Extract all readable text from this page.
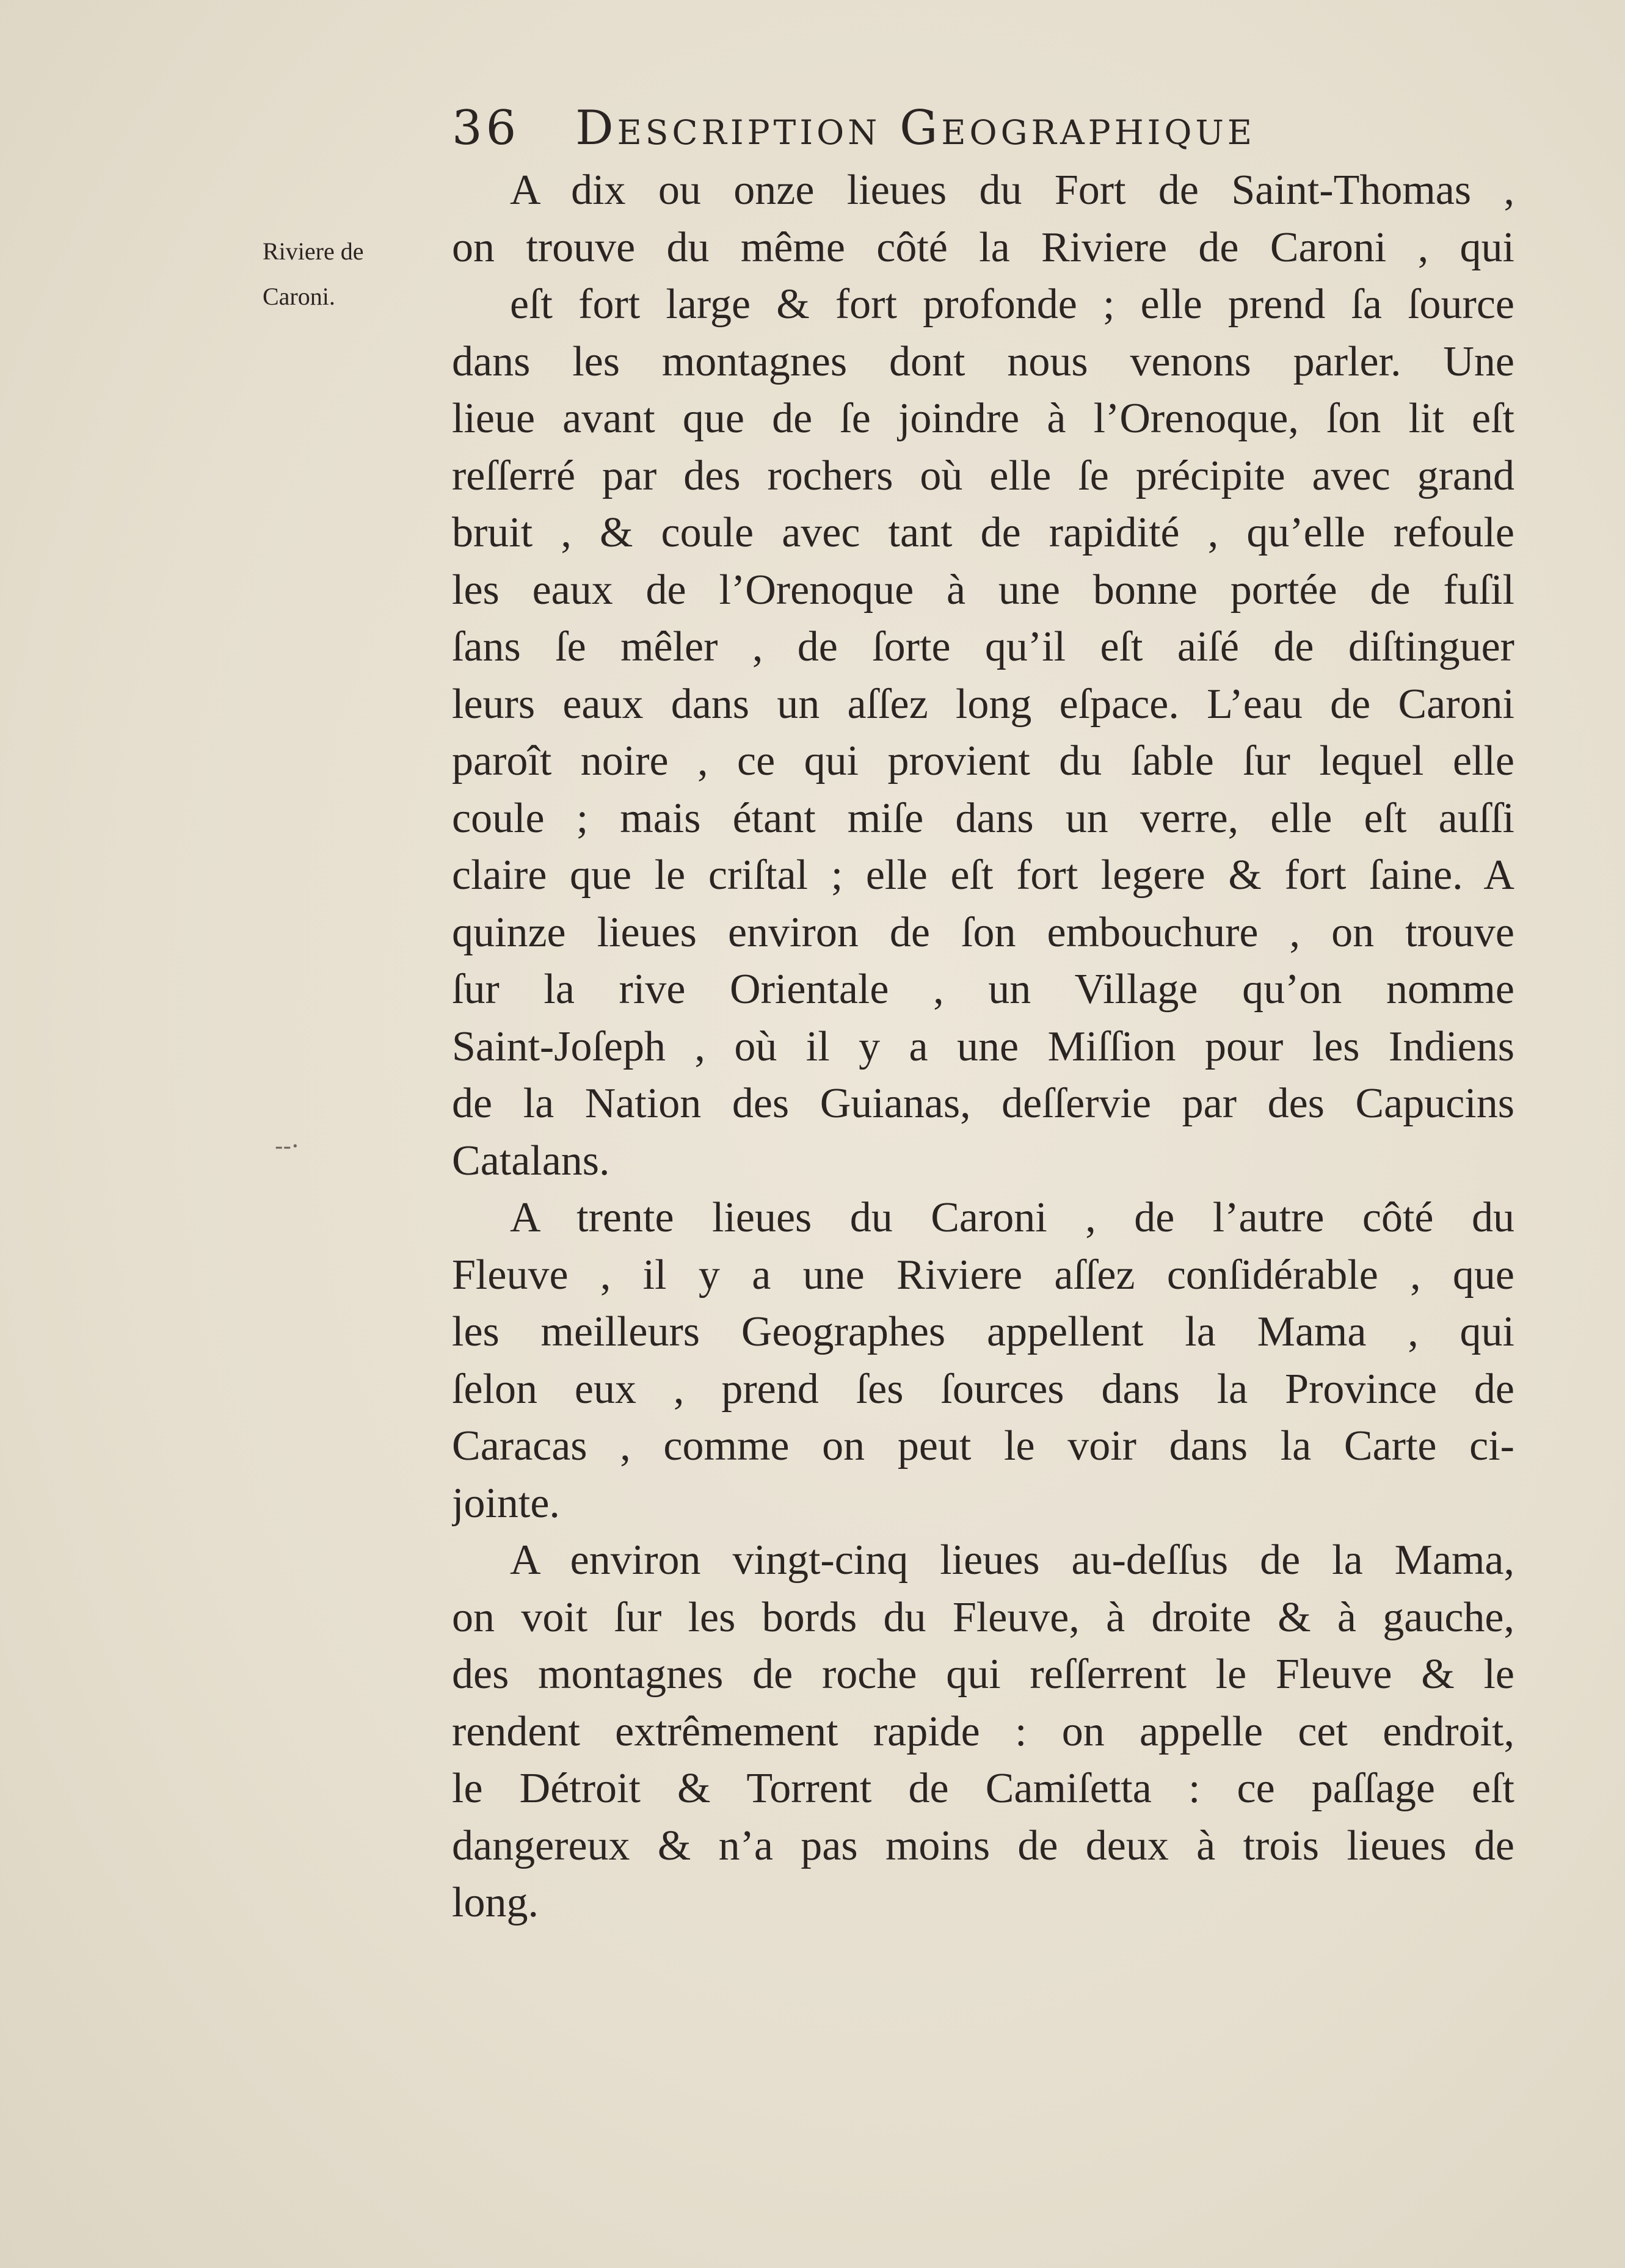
36 Description Geographique
Riviere de
Caroni.
--·
A dix ou onze lieues du Fort de Saint-Thomas ,
on trouve du même côté la Riviere de Caroni , qui
eſt fort large & fort profonde ; elle prend ſa ſource
dans les montagnes dont nous venons parler. Une
lieue avant que de ſe joindre à l’Orenoque, ſon lit eſt
reſſerré par des rochers où elle ſe précipite avec grand
bruit , & coule avec tant de rapidité , qu’elle refoule
les eaux de l’Orenoque à une bonne portée de fuſil
ſans ſe mêler , de ſorte qu’il eſt aiſé de diſtinguer
leurs eaux dans un aſſez long eſpace. L’eau de Caroni
paroît noire , ce qui provient du ſable ſur lequel elle
coule ; mais étant miſe dans un verre, elle eſt auſſi
claire que le criſtal ; elle eſt fort legere & fort ſaine. A
quinze lieues environ de ſon embouchure , on trouve
ſur la rive Orientale , un Village qu’on nomme
Saint-Joſeph , où il y a une Miſſion pour les Indiens
de la Nation des Guianas, deſſervie par des Capucins
Catalans.
A trente lieues du Caroni , de l’autre côté du
Fleuve , il y a une Riviere aſſez conſidérable , que
les meilleurs Geographes appellent la Mama , qui
ſelon eux , prend ſes ſources dans la Province de
Caracas , comme on peut le voir dans la Carte ci-
jointe.
A environ vingt-cinq lieues au-deſſus de la Mama,
on voit ſur les bords du Fleuve, à droite & à gauche,
des montagnes de roche qui reſſerrent le Fleuve & le
rendent extrêmement rapide : on appelle cet endroit,
le Détroit & Torrent de Camiſetta : ce paſſage eſt
dangereux & n’a pas moins de deux à trois lieues de
long.
